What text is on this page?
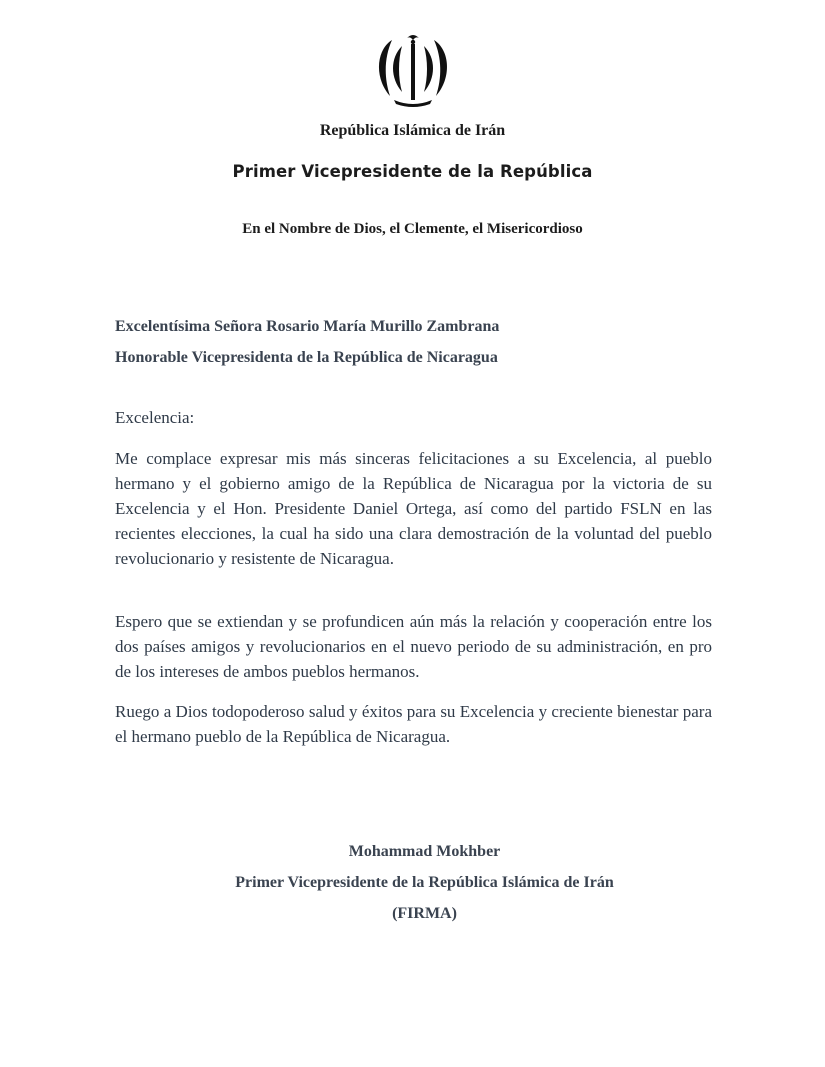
República Islámica de Irán
Primer Vicepresidente de la República
En el Nombre de Dios, el Clemente, el Misericordioso
Excelentísima Señora Rosario María Murillo Zambrana
Honorable Vicepresidenta de la República de Nicaragua
Excelencia:

Me complace expresar mis más sinceras felicitaciones a su Excelencia, al pueblo hermano y el gobierno amigo de la República de Nicaragua por la victoria de su Excelencia y el Hon. Presidente Daniel Ortega, así como del partido FSLN en las recientes elecciones, la cual ha sido una clara demostración de la voluntad del pueblo revolucionario y resistente de Nicaragua.

Espero que se extiendan y se profundicen aún más la relación y cooperación entre los dos países amigos y revolucionarios en el nuevo periodo de su administración, en pro de los intereses de ambos pueblos hermanos.

Ruego a Dios todopoderoso salud y éxitos para su Excelencia y creciente bienestar para el hermano pueblo de la República de Nicaragua.

Mohammad Mokhber
Primer Vicepresidente de la República Islámica de Irán
(FIRMA)
